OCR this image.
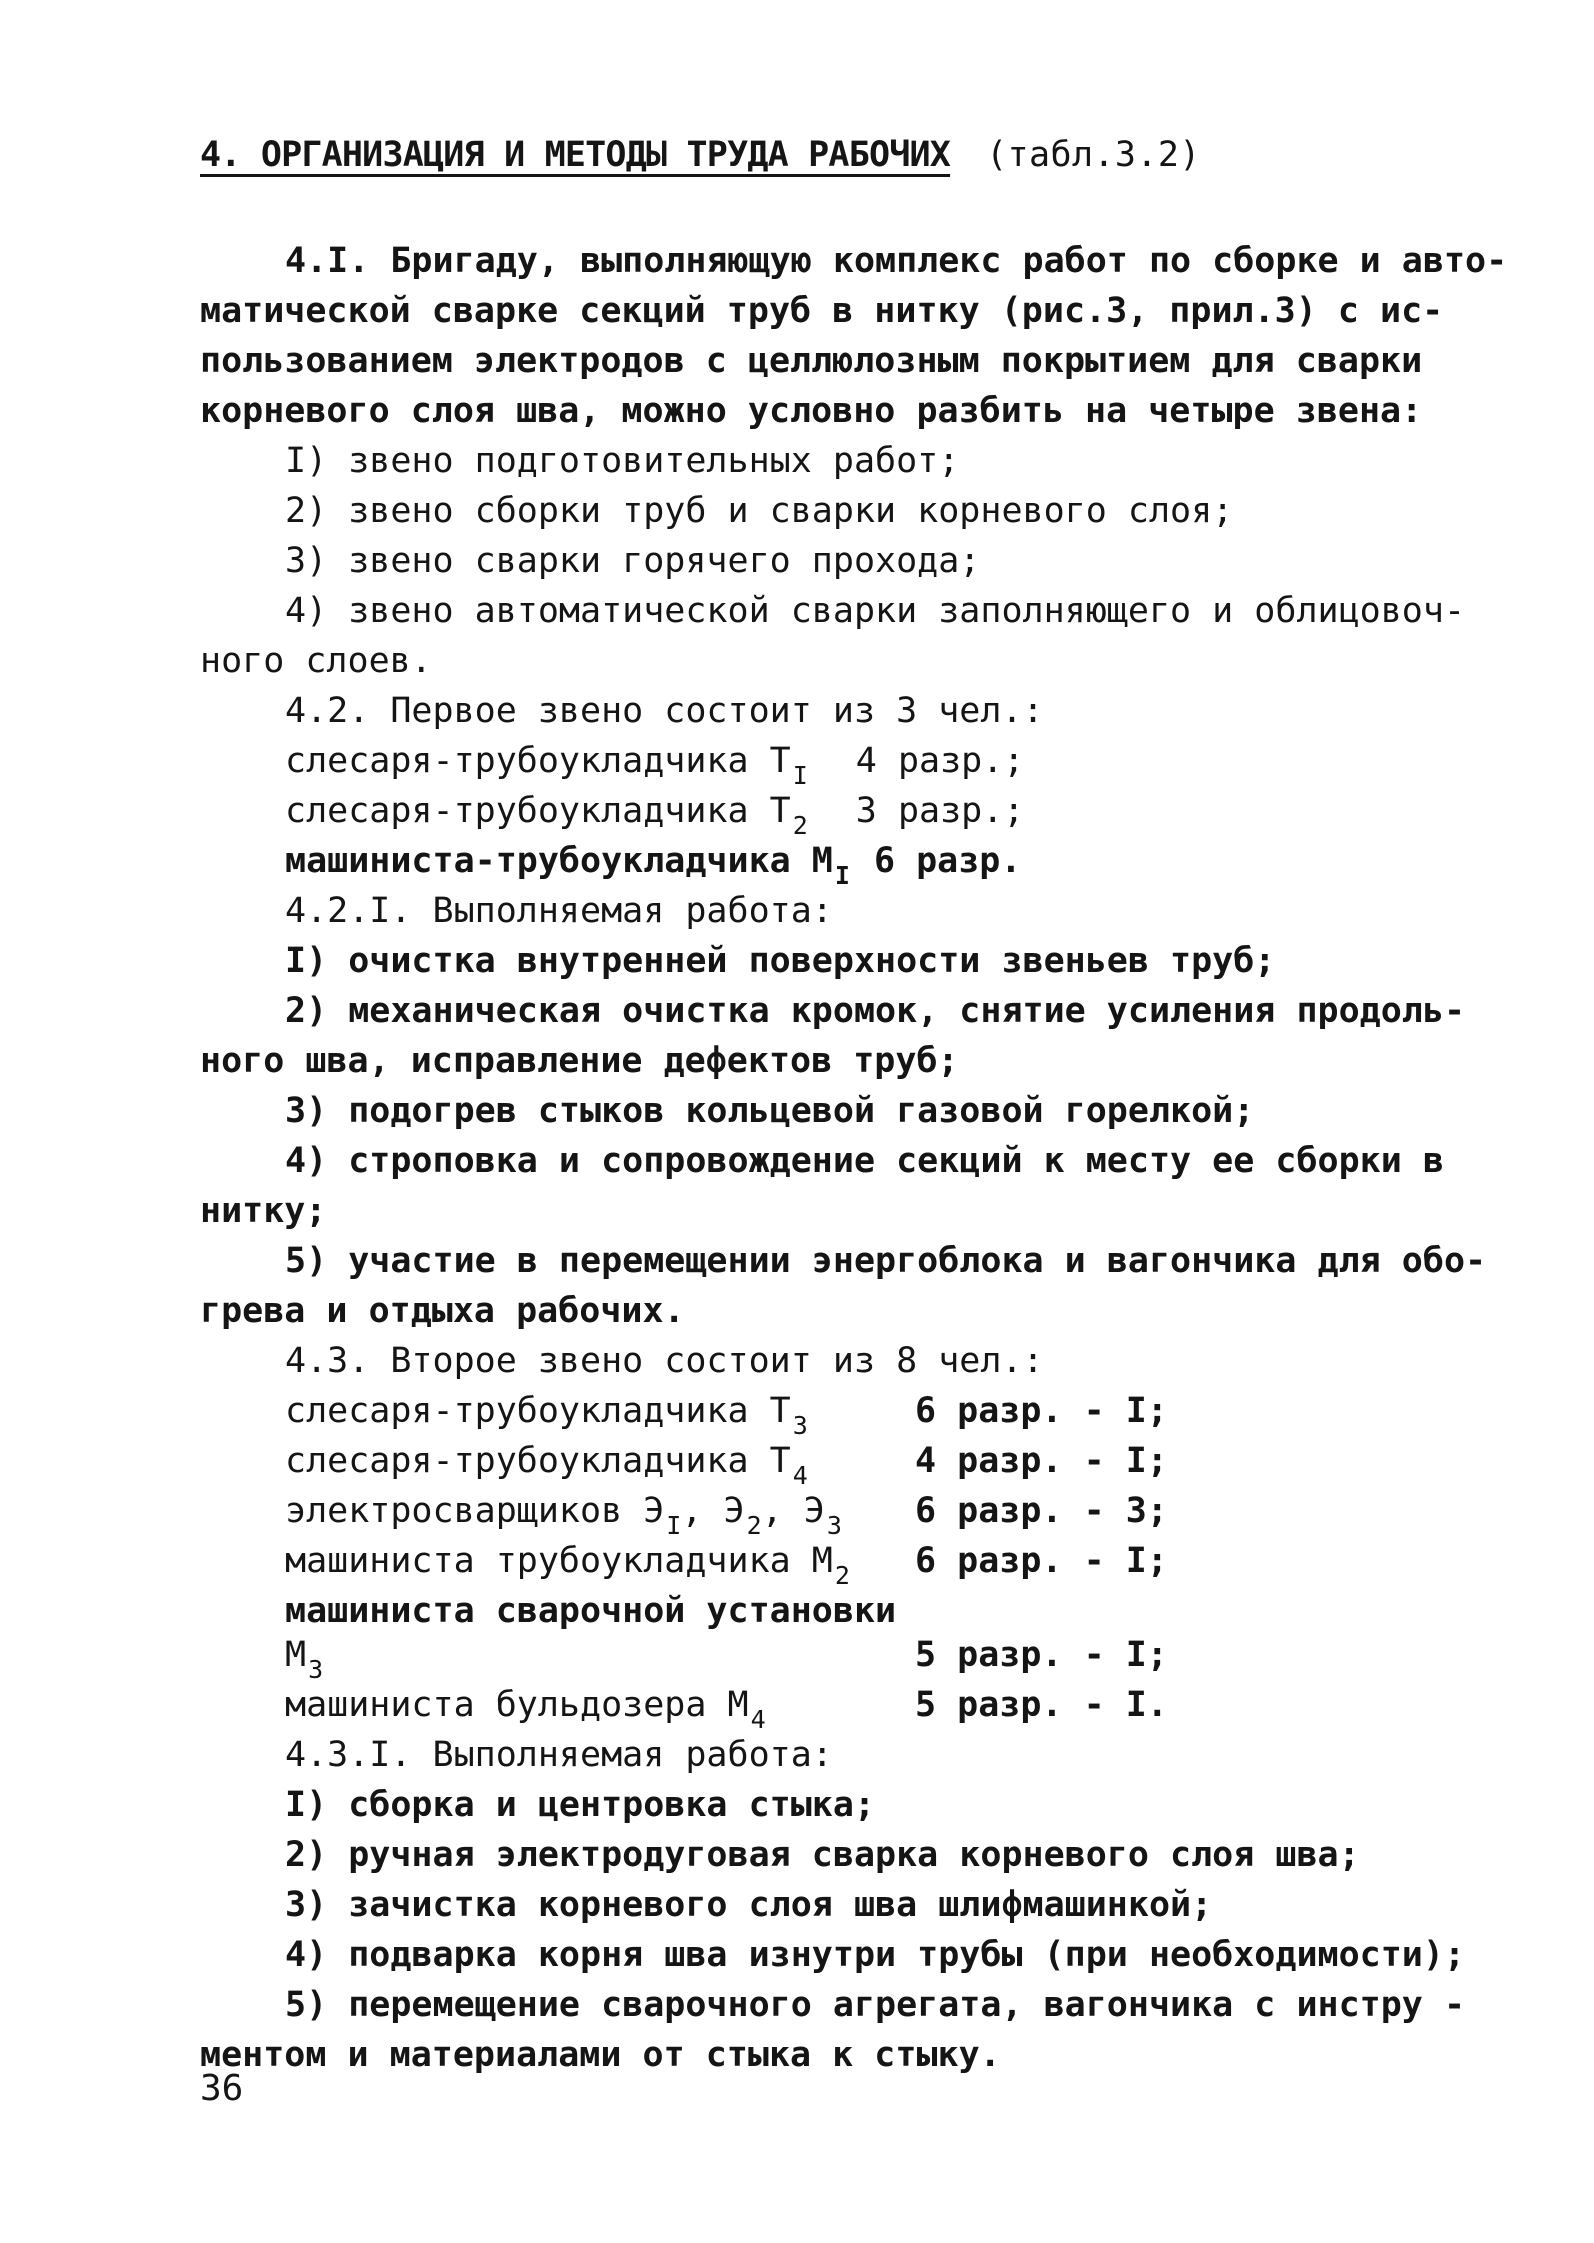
4. ОРГАНИЗАЦИЯ И МЕТОДЫ ТРУДА РАБОЧИХ (табл.3.2)
4.I. Бригаду, выполняющую комплекс работ по сборке и авто-
матической сварке секций труб в нитку (рис.3, прил.3) с ис-
пользованием электродов с целлюлозным покрытием для сварки
корневого слоя шва, можно условно разбить на четыре звена:
I) звено подготовительных работ;
2) звено сборки труб и сварки корневого слоя;
3) звено сварки горячего прохода;
4) звено автоматической сварки заполняющего и облицовоч-
ного слоев.
4.2. Первое звено состоит из 3 чел.:
слесаря-трубоукладчика $Т_I$ 4 разр.;
слесаря-трубоукладчика $Т_2$ 3 разр.;
машиниста-трубоукладчика $М_I$ 6 разр.
4.2.I. Выполняемая работа:
I) очистка внутренней поверхности звеньев труб;
2) механическая очистка кромок, снятие усиления продоль-
ного шва, исправление дефектов труб;
3) подогрев стыков кольцевой газовой горелкой;
4) строповка и сопровождение секций к месту ее сборки в
нитку;
5) участие в перемещении энергоблока и вагончика для обо-
грева и отдыха рабочих.
4.3. Второе звено состоит из 8 чел.:
слесаря-трубоукладчика $Т_3$	6 разр. - I;
слесаря-трубоукладчика $Т_4$	4 разр. - I;
электросварщиков $Э_I$, $Э_2$, $Э_3$ 6 разр. - 3;
машиниста трубоукладчика $М_2$ 6 разр. - I;
машиниста сварочной установки
$М_3$	5 разр. - I;
машиниста бульдозера $М_4$	5 разр. - I.
4.3.I. Выполняемая работа:
I) сборка и центровка стыка;
2) ручная электродуговая сварка корневого слоя шва;
3) зачистка корневого слоя шва шлифмашинкой;
4) подварка корня шва изнутри трубы (при необходимости);
5) перемещение сварочного агрегата, вагончика с инстру -
ментом и материалами от стыка к стыку.
36
